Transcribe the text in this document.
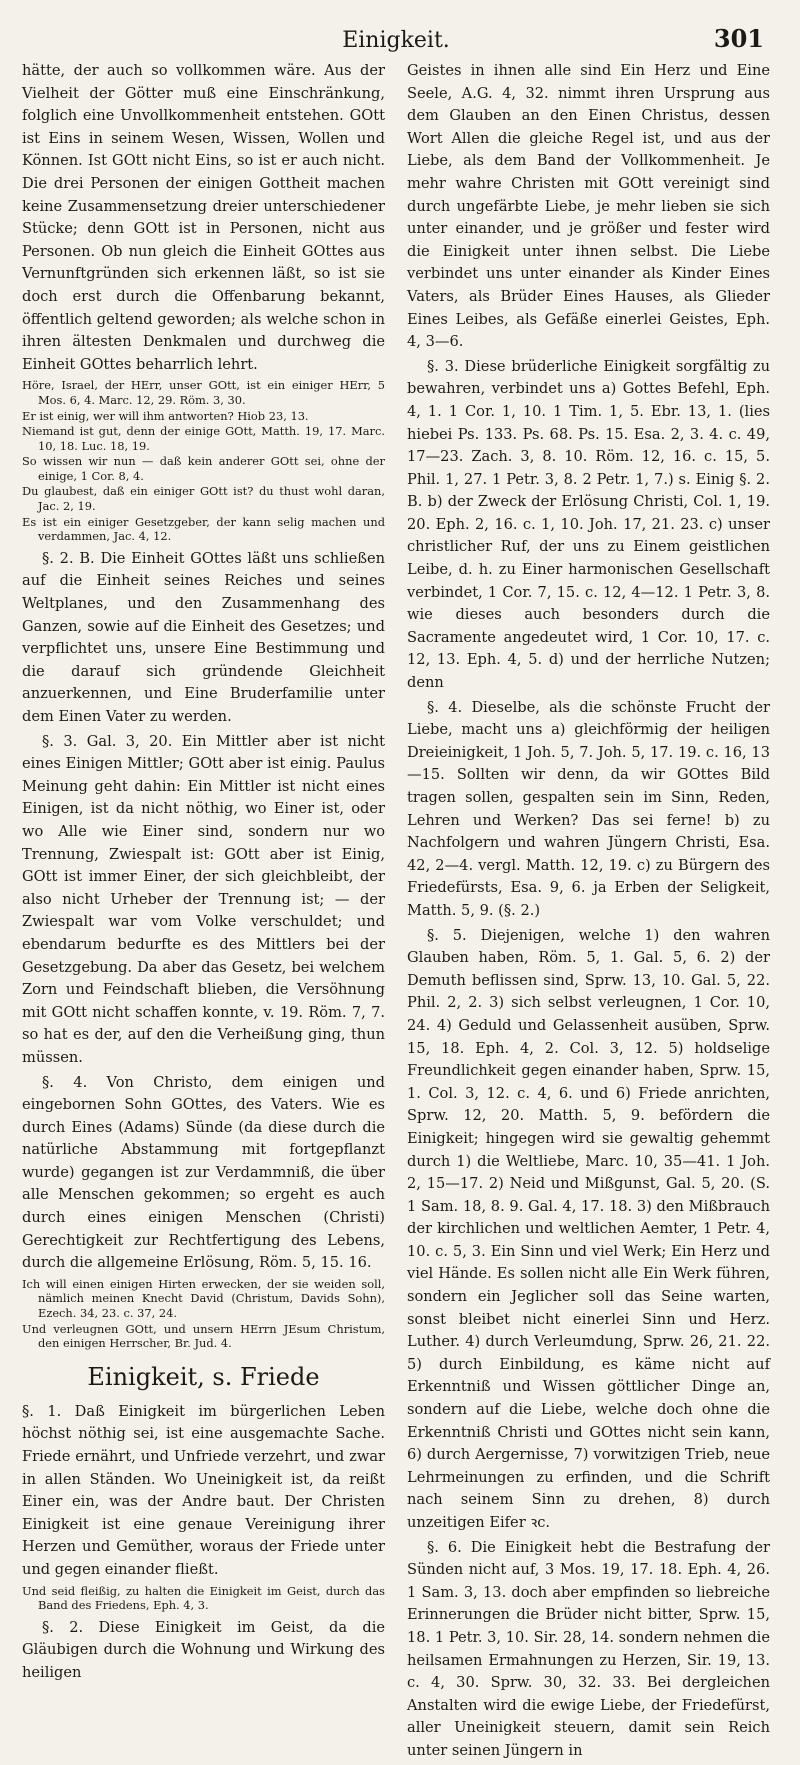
Einigkeit.	301

hätte, der auch so vollkommen wäre. Aus der Vielheit der Götter muß eine Einschränkung, folglich eine Unvollkommenheit entstehen. GOtt ist Eins in seinem Wesen, Wissen, Wollen und Können. Ist GOtt nicht Eins, so ist er auch nicht. Die drei Personen der einigen Gottheit machen keine Zusammensetzung dreier unterschiedener Stücke; denn GOtt ist in Personen, nicht aus Personen. Ob nun gleich die Einheit GOttes aus Vernunftgründen sich erkennen läßt, so ist sie doch erst durch die Offenbarung bekannt, öffentlich geltend geworden; als welche schon in ihren ältesten Denkmalen und durchweg die Einheit GOttes beharrlich lehrt.

Höre, Israel, der HErr, unser GOtt, ist ein einiger HErr, 5 Mos. 6, 4. Marc. 12, 29. Röm. 3, 30.

Er ist einig, wer will ihm antworten? Hiob 23, 13.

Niemand ist gut, denn der einige GOtt, Matth. 19, 17. Marc. 10, 18. Luc. 18, 19.

So wissen wir nun — daß kein anderer GOtt sei, ohne der einige, 1 Cor. 8, 4.

Du glaubest, daß ein einiger GOtt ist? du thust wohl daran, Jac. 2, 19.

Es ist ein einiger Gesetzgeber, der kann selig machen und verdammen, Jac. 4, 12.

§. 2. B. Die Einheit GOttes läßt uns schließen auf die Einheit seines Reiches und seines Weltplanes, und den Zusammenhang des Ganzen, sowie auf die Einheit des Gesetzes; und verpflichtet uns, unsere Eine Bestimmung und die darauf sich gründende Gleichheit anzuerkennen, und Eine Bruderfamilie unter dem Einen Vater zu werden.

§. 3. Gal. 3, 20. Ein Mittler aber ist nicht eines Einigen Mittler; GOtt aber ist einig. Paulus Meinung geht dahin: Ein Mittler ist nicht eines Einigen, ist da nicht nöthig, wo Einer ist, oder wo Alle wie Einer sind, sondern nur wo Trennung, Zwiespalt ist: GOtt aber ist Einig, GOtt ist immer Einer, der sich gleichbleibt, der also nicht Urheber der Trennung ist; — der Zwiespalt war vom Volke verschuldet; und ebendarum bedurfte es des Mittlers bei der Gesetzgebung. Da aber das Gesetz, bei welchem Zorn und Feindschaft blieben, die Versöhnung mit GOtt nicht schaffen konnte, v. 19. Röm. 7, 7. so hat es der, auf den die Verheißung ging, thun müssen.

§. 4. Von Christo, dem einigen und eingebornen Sohn GOttes, des Vaters. Wie es durch Eines (Adams) Sünde (da diese durch die natürliche Abstammung mit fortgepflanzt wurde) gegangen ist zur Verdammniß, die über alle Menschen gekommen; so ergeht es auch durch eines einigen Menschen (Christi) Gerechtigkeit zur Rechtfertigung des Lebens, durch die allgemeine Erlösung, Röm. 5, 15. 16.

Ich will einen einigen Hirten erwecken, der sie weiden soll, nämlich meinen Knecht David (Christum, Davids Sohn), Ezech. 34, 23. c. 37, 24.

Und verleugnen GOtt, und unsern HErrn JEsum Christum, den einigen Herrscher, Br. Jud. 4.

Einigkeit, s. Friede

§. 1. Daß Einigkeit im bürgerlichen Leben höchst nöthig sei, ist eine ausgemachte Sache. Friede ernährt, und Unfriede verzehrt, und zwar in allen Ständen. Wo Uneinigkeit ist, da reißt Einer ein, was der Andre baut. Der Christen Einigkeit ist eine genaue Vereinigung ihrer Herzen und Gemüther, woraus der Friede unter und gegen einander fließt.

Und seid fleißig, zu halten die Einigkeit im Geist, durch das Band des Friedens, Eph. 4, 3.

§. 2. Diese Einigkeit im Geist, da die Gläubigen durch die Wohnung und Wirkung des heiligen

Geistes in ihnen alle sind Ein Herz und Eine Seele, A.G. 4, 32. nimmt ihren Ursprung aus dem Glauben an den Einen Christus, dessen Wort Allen die gleiche Regel ist, und aus der Liebe, als dem Band der Vollkommenheit. Je mehr wahre Christen mit GOtt vereinigt sind durch ungefärbte Liebe, je mehr lieben sie sich unter einander, und je größer und fester wird die Einigkeit unter ihnen selbst. Die Liebe verbindet uns unter einander als Kinder Eines Vaters, als Brüder Eines Hauses, als Glieder Eines Leibes, als Gefäße einerlei Geistes, Eph. 4, 3—6.

§. 3. Diese brüderliche Einigkeit sorgfältig zu bewahren, verbindet uns a) Gottes Befehl, Eph. 4, 1. 1 Cor. 1, 10. 1 Tim. 1, 5. Ebr. 13, 1. (lies hiebei Ps. 133. Ps. 68. Ps. 15. Esa. 2, 3. 4. c. 49, 17—23. Zach. 3, 8. 10. Röm. 12, 16. c. 15, 5. Phil. 1, 27. 1 Petr. 3, 8. 2 Petr. 1, 7.) s. Einig §. 2. B. b) der Zweck der Erlösung Christi, Col. 1, 19. 20. Eph. 2, 16. c. 1, 10. Joh. 17, 21. 23. c) unser christlicher Ruf, der uns zu Einem geistlichen Leibe, d. h. zu Einer harmonischen Gesellschaft verbindet, 1 Cor. 7, 15. c. 12, 4—12. 1 Petr. 3, 8. wie dieses auch besonders durch die Sacramente angedeutet wird, 1 Cor. 10, 17. c. 12, 13. Eph. 4, 5. d) und der herrliche Nutzen; denn

§. 4. Dieselbe, als die schönste Frucht der Liebe, macht uns a) gleichförmig der heiligen Dreieinigkeit, 1 Joh. 5, 7. Joh. 5, 17. 19. c. 16, 13—15. Sollten wir denn, da wir GOttes Bild tragen sollen, gespalten sein im Sinn, Reden, Lehren und Werken? Das sei ferne! b) zu Nachfolgern und wahren Jüngern Christi, Esa. 42, 2—4. vergl. Matth. 12, 19. c) zu Bürgern des Friedefürsts, Esa. 9, 6. ja Erben der Seligkeit, Matth. 5, 9. (§. 2.)

§. 5. Diejenigen, welche 1) den wahren Glauben haben, Röm. 5, 1. Gal. 5, 6. 2) der Demuth beflissen sind, Sprw. 13, 10. Gal. 5, 22. Phil. 2, 2. 3) sich selbst verleugnen, 1 Cor. 10, 24. 4) Geduld und Gelassenheit ausüben, Sprw. 15, 18. Eph. 4, 2. Col. 3, 12. 5) holdselige Freundlichkeit gegen einander haben, Sprw. 15, 1. Col. 3, 12. c. 4, 6. und 6) Friede anrichten, Sprw. 12, 20. Matth. 5, 9. befördern die Einigkeit; hingegen wird sie gewaltig gehemmt durch 1) die Weltliebe, Marc. 10, 35—41. 1 Joh. 2, 15—17. 2) Neid und Mißgunst, Gal. 5, 20. (S. 1 Sam. 18, 8. 9. Gal. 4, 17. 18. 3) den Mißbrauch der kirchlichen und weltlichen Aemter, 1 Petr. 4, 10. c. 5, 3. Ein Sinn und viel Werk; Ein Herz und viel Hände. Es sollen nicht alle Ein Werk führen, sondern ein Jeglicher soll das Seine warten, sonst bleibet nicht einerlei Sinn und Herz. Luther. 4) durch Verleumdung, Sprw. 26, 21. 22. 5) durch Einbildung, es käme nicht auf Erkenntniß und Wissen göttlicher Dinge an, sondern auf die Liebe, welche doch ohne die Erkenntniß Christi und GOttes nicht sein kann, 6) durch Aergernisse, 7) vorwitzigen Trieb, neue Lehrmeinungen zu erfinden, und die Schrift nach seinem Sinn zu drehen, 8) durch unzeitigen Eifer ꝛc.

§. 6. Die Einigkeit hebt die Bestrafung der Sünden nicht auf, 3 Mos. 19, 17. 18. Eph. 4, 26. 1 Sam. 3, 13. doch aber empfinden so liebreiche Erinnerungen die Brüder nicht bitter, Sprw. 15, 18. 1 Petr. 3, 10. Sir. 28, 14. sondern nehmen die heilsamen Ermahnungen zu Herzen, Sir. 19, 13. c. 4, 30. Sprw. 30, 32. 33. Bei dergleichen Anstalten wird die ewige Liebe, der Friedefürst, aller Uneinigkeit steuern, damit sein Reich unter seinen Jüngern in
